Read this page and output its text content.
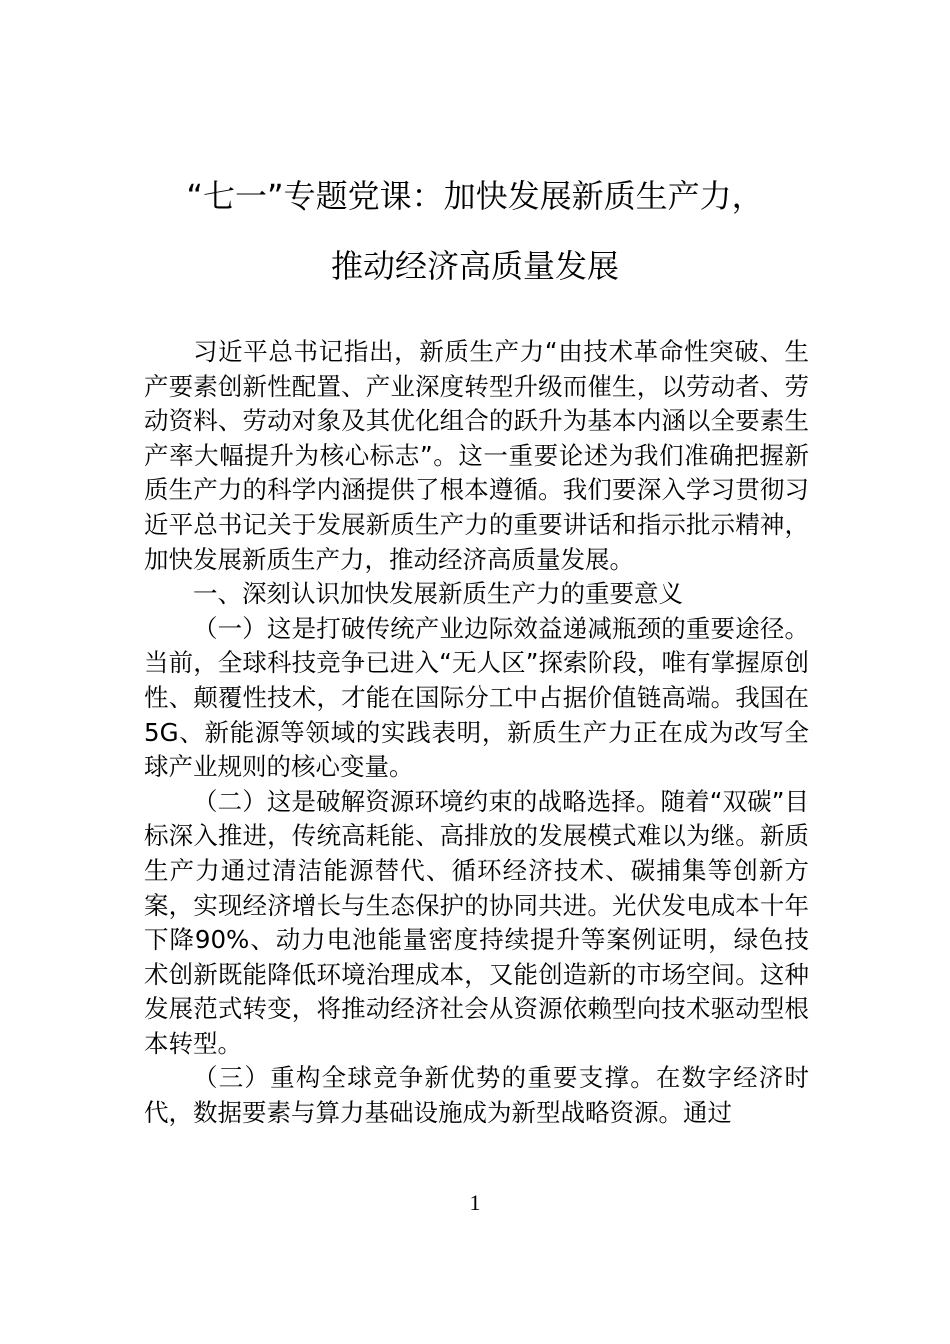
“七一”专题党课：加快发展新质生产力，
推动经济高质量发展

习近平总书记指出，新质生产力“由技术革命性突破、生产要素创新性配置、产业深度转型升级而催生，以劳动者、劳动资料、劳动对象及其优化组合的跃升为基本内涵以全要素生产率大幅提升为核心标志”。这一重要论述为我们准确把握新质生产力的科学内涵提供了根本遵循。我们要深入学习贯彻习近平总书记关于发展新质生产力的重要讲话和指示批示精神，加快发展新质生产力，推动经济高质量发展。

一、深刻认识加快发展新质生产力的重要意义

（一）这是打破传统产业边际效益递减瓶颈的重要途径。当前，全球科技竞争已进入“无人区”探索阶段，唯有掌握原创性、颠覆性技术，才能在国际分工中占据价值链高端。我国在5G、新能源等领域的实践表明，新质生产力正在成为改写全球产业规则的核心变量。

（二）这是破解资源环境约束的战略选择。随着“双碳”目标深入推进，传统高耗能、高排放的发展模式难以为继。新质生产力通过清洁能源替代、循环经济技术、碳捕集等创新方案，实现经济增长与生态保护的协同共进。光伏发电成本十年下降90%、动力电池能量密度持续提升等案例证明，绿色技术创新既能降低环境治理成本，又能创造新的市场空间。这种发展范式转变，将推动经济社会从资源依赖型向技术驱动型根本转型。

（三）重构全球竞争新优势的重要支撑。在数字经济时代，数据要素与算力基础设施成为新型战略资源。通过

1
